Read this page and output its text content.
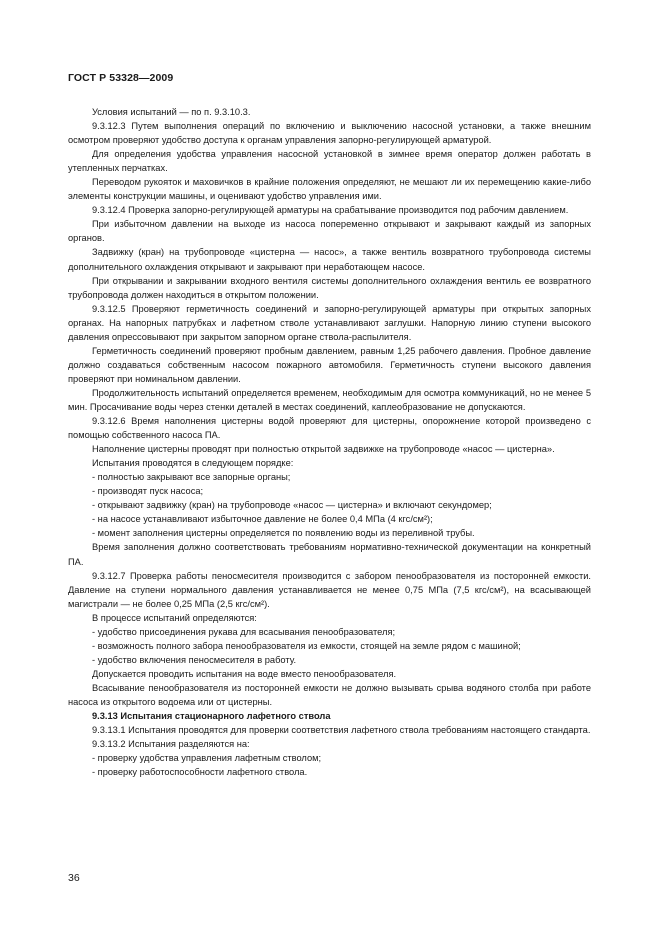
ГОСТ Р 53328—2009

Условия испытаний — по п. 9.3.10.3.

9.3.12.3 Путем выполнения операций по включению и выключению насосной установки, а также внешним осмотром проверяют удобство доступа к органам управления запорно-регулирующей арматурой.

Для определения удобства управления насосной установкой в зимнее время оператор должен работать в утепленных перчатках.

Переводом рукояток и маховичков в крайние положения определяют, не мешают ли их перемещению какие-либо элементы конструкции машины, и оценивают удобство управления ими.

9.3.12.4 Проверка запорно-регулирующей арматуры на срабатывание производится под рабочим давлением.

При избыточном давлении на выходе из насоса попеременно открывают и закрывают каждый из запорных органов.

Задвижку (кран) на трубопроводе «цистерна — насос», а также вентиль возвратного трубопровода системы дополнительного охлаждения открывают и закрывают при неработающем насосе.

При открывании и закрывании входного вентиля системы дополнительного охлаждения вентиль ее возвратного трубопровода должен находиться в открытом положении.

9.3.12.5 Проверяют герметичность соединений и запорно-регулирующей арматуры при открытых запорных органах. На напорных патрубках и лафетном стволе устанавливают заглушки. Напорную линию ступени высокого давления опрессовывают при закрытом запорном органе ствола-распылителя.

Герметичность соединений проверяют пробным давлением, равным 1,25 рабочего давления. Пробное давление должно создаваться собственным насосом пожарного автомобиля. Герметичность ступени высокого давления проверяют при номинальном давлении.

Продолжительность испытаний определяется временем, необходимым для осмотра коммуникаций, но не менее 5 мин. Просачивание воды через стенки деталей в местах соединений, каплеобразование не допускаются.

9.3.12.6 Время наполнения цистерны водой проверяют для цистерны, опорожнение которой произведено с помощью собственного насоса ПА.

Наполнение цистерны проводят при полностью открытой задвижке на трубопроводе «насос — цистерна».

Испытания проводятся в следующем порядке:

- полностью закрывают все запорные органы;

- производят пуск насоса;

- открывают задвижку (кран) на трубопроводе «насос — цистерна» и включают секундомер;

- на насосе устанавливают избыточное давление не более 0,4 МПа (4 кгс/см²);

- момент заполнения цистерны определяется по появлению воды из переливной трубы.

Время заполнения должно соответствовать требованиям нормативно-технической документации на конкретный ПА.

9.3.12.7 Проверка работы пеносмесителя производится с забором пенообразователя из посторонней емкости. Давление на ступени нормального давления устанавливается не менее 0,75 МПа (7,5 кгс/см²), на всасывающей магистрали — не более 0,25 МПа (2,5 кгс/см²).

В процессе испытаний определяются:

- удобство присоединения рукава для всасывания пенообразователя;

- возможность полного забора пенообразователя из емкости, стоящей на земле рядом с машиной;

- удобство включения пеносмесителя в работу.

Допускается проводить испытания на воде вместо пенообразователя.

Всасывание пенообразователя из посторонней емкости не должно вызывать срыва водяного столба при работе насоса из открытого водоема или от цистерны.

9.3.13 Испытания стационарного лафетного ствола

9.3.13.1 Испытания проводятся для проверки соответствия лафетного ствола требованиям настоящего стандарта.

9.3.13.2 Испытания разделяются на:

- проверку удобства управления лафетным стволом;

- проверку работоспособности лафетного ствола.

36
